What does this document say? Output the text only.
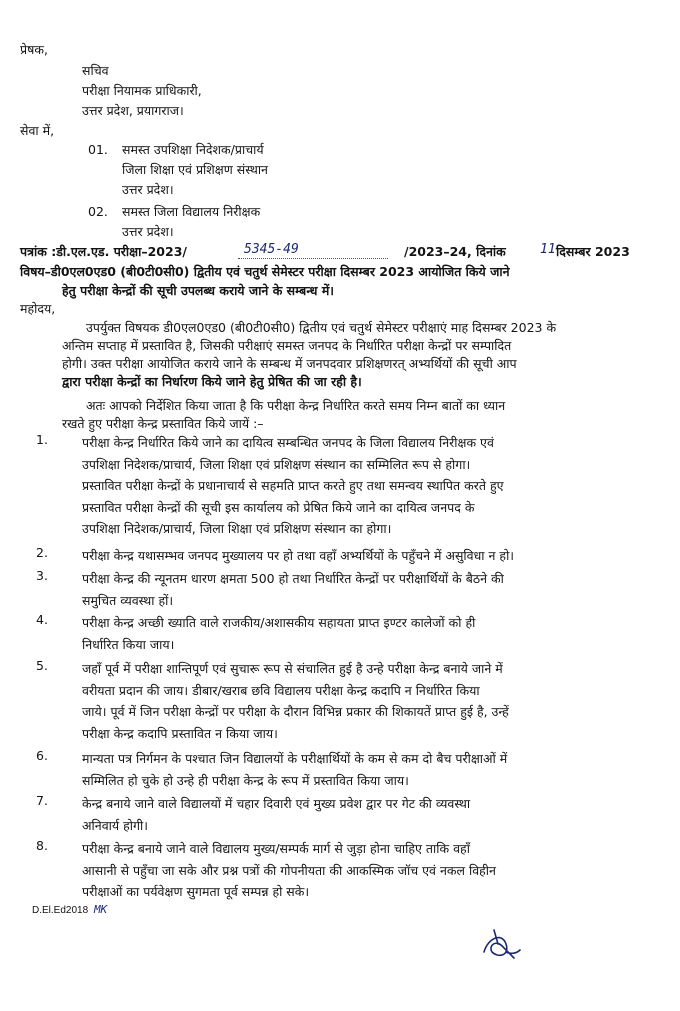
प्रेषक,
सचिव
परीक्षा नियामक प्राधिकारी,
उत्तर प्रदेश, प्रयागराज।
सेवा में,
01. समस्त उपशिक्षा निदेशक/प्राचार्य
जिला शिक्षा एवं प्रशिक्षण संस्थान
उत्तर प्रदेश।
02. समस्त जिला विद्यालय निरीक्षक
उत्तर प्रदेश।
पत्रांक :डी.एल.एड. परीक्षा–2023/	5345-49	/2023–24, दिनांक	11 दिसम्बर 2023
विषय–डी0एल0एड0 (बी0टी0सी0) द्वितीय एवं चतुर्थ सेमेस्टर परीक्षा दिसम्बर 2023 आयोजित किये जाने
हेतु परीक्षा केन्द्रों की सूची उपलब्ध कराये जाने के सम्बन्ध में।
महोदय,
उपर्युक्त विषयक डी0एल0एड0 (बी0टी0सी0) द्वितीय एवं चतुर्थ सेमेस्टर परीक्षाएं माह दिसम्बर 2023 के
अन्तिम सप्ताह में प्रस्तावित है, जिसकी परीक्षाएं समस्त जनपद के निर्धारित परीक्षा केन्द्रों पर सम्पादित
होगी। उक्त परीक्षा आयोजित कराये जाने के सम्बन्ध में जनपदवार प्रशिक्षणरत् अभ्यर्थियों की सूची आप
द्वारा परीक्षा केन्द्रों का निर्धारण किये जाने हेतु प्रेषित की जा रही है।
अतः आपको निर्देशित किया जाता है कि परीक्षा केन्द्र निर्धारित करते समय निम्न बातों का ध्यान
रखते हुए परीक्षा केन्द्र प्रस्तावित किये जायें :–
1.	परीक्षा केन्द्र निर्धारित किये जाने का दायित्व सम्बन्धित जनपद के जिला विद्यालय निरीक्षक एवं
उपशिक्षा निदेशक/प्राचार्य, जिला शिक्षा एवं प्रशिक्षण संस्थान का सम्मिलित रूप से होगा।
प्रस्तावित परीक्षा केन्द्रों के प्रधानाचार्य से सहमति प्राप्त करते हुए तथा समन्वय स्थापित करते हुए
प्रस्तावित परीक्षा केन्द्रों की सूची इस कार्यालय को प्रेषित किये जाने का दायित्व जनपद के
उपशिक्षा निदेशक/प्राचार्य, जिला शिक्षा एवं प्रशिक्षण संस्थान का होगा।
2.	परीक्षा केन्द्र यथासम्भव जनपद मुख्यालय पर हो तथा वहाँ अभ्यर्थियों के पहुँचने में असुविधा न हो।
3.	परीक्षा केन्द्र की न्यूनतम धारण क्षमता 500 हो तथा निर्धारित केन्द्रों पर परीक्षार्थियों के बैठने की
समुचित व्यवस्था हों।
4.	परीक्षा केन्द्र अच्छी ख्याति वाले राजकीय/अशासकीय सहायता प्राप्त इण्टर कालेजों को ही
निर्धारित किया जाय।
5.	जहाँ पूर्व में परीक्षा शान्तिपूर्ण एवं सुचारू रूप से संचालित हुई है उन्हे परीक्षा केन्द्र बनाये जाने में
वरीयता प्रदान की जाय। डीबार/खराब छवि विद्यालय परीक्षा केन्द्र कदापि न निर्धारित किया
जाये। पूर्व में जिन परीक्षा केन्द्रों पर परीक्षा के दौरान विभिन्न प्रकार की शिकायतें प्राप्त हुई है, उन्हें
परीक्षा केन्द्र कदापि प्रस्तावित न किया जाय।
6.	मान्यता पत्र निर्गमन के पश्चात जिन विद्यालयों के परीक्षार्थियों के कम से कम दो बैच परीक्षाओं में
सम्मिलित हो चुके हो उन्हे ही परीक्षा केन्द्र के रूप में प्रस्तावित किया जाय।
7.	केन्द्र बनाये जाने वाले विद्यालयों में चहार दिवारी एवं मुख्य प्रवेश द्वार पर गेट की व्यवस्था
अनिवार्य होगी।
8.	परीक्षा केन्द्र बनाये जाने वाले विद्यालय मुख्य/सम्पर्क मार्ग से जुड़ा होना चाहिए ताकि वहाँ
आसानी से पहुँचा जा सके और प्रश्न पत्रों की गोपनीयता की आकस्मिक जॉच एवं नकल विहीन
परीक्षाओं का पर्यवेक्षण सुगमता पूर्व सम्पन्न हो सके।
D.El.Ed2018 MK
